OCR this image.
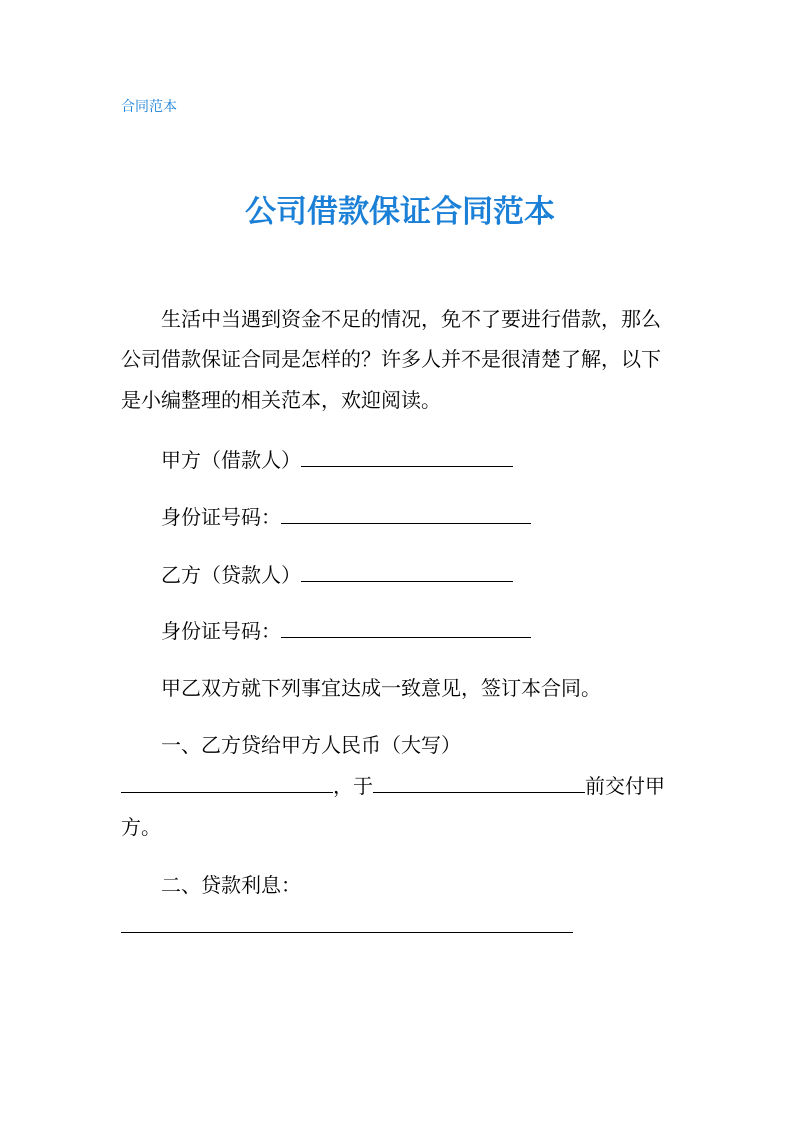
合同范本
公司借款保证合同范本
生活中当遇到资金不足的情况，免不了要进行借款，那么
公司借款保证合同是怎样的？许多人并不是很清楚了解，以下
是小编整理的相关范本，欢迎阅读。
甲方（借款人）
身份证号码：
乙方（贷款人）
身份证号码：
甲乙双方就下列事宜达成一致意见，签订本合同。
一、乙方贷给甲方人民币（大写）
，于	前交付甲
方。
二、贷款利息：
